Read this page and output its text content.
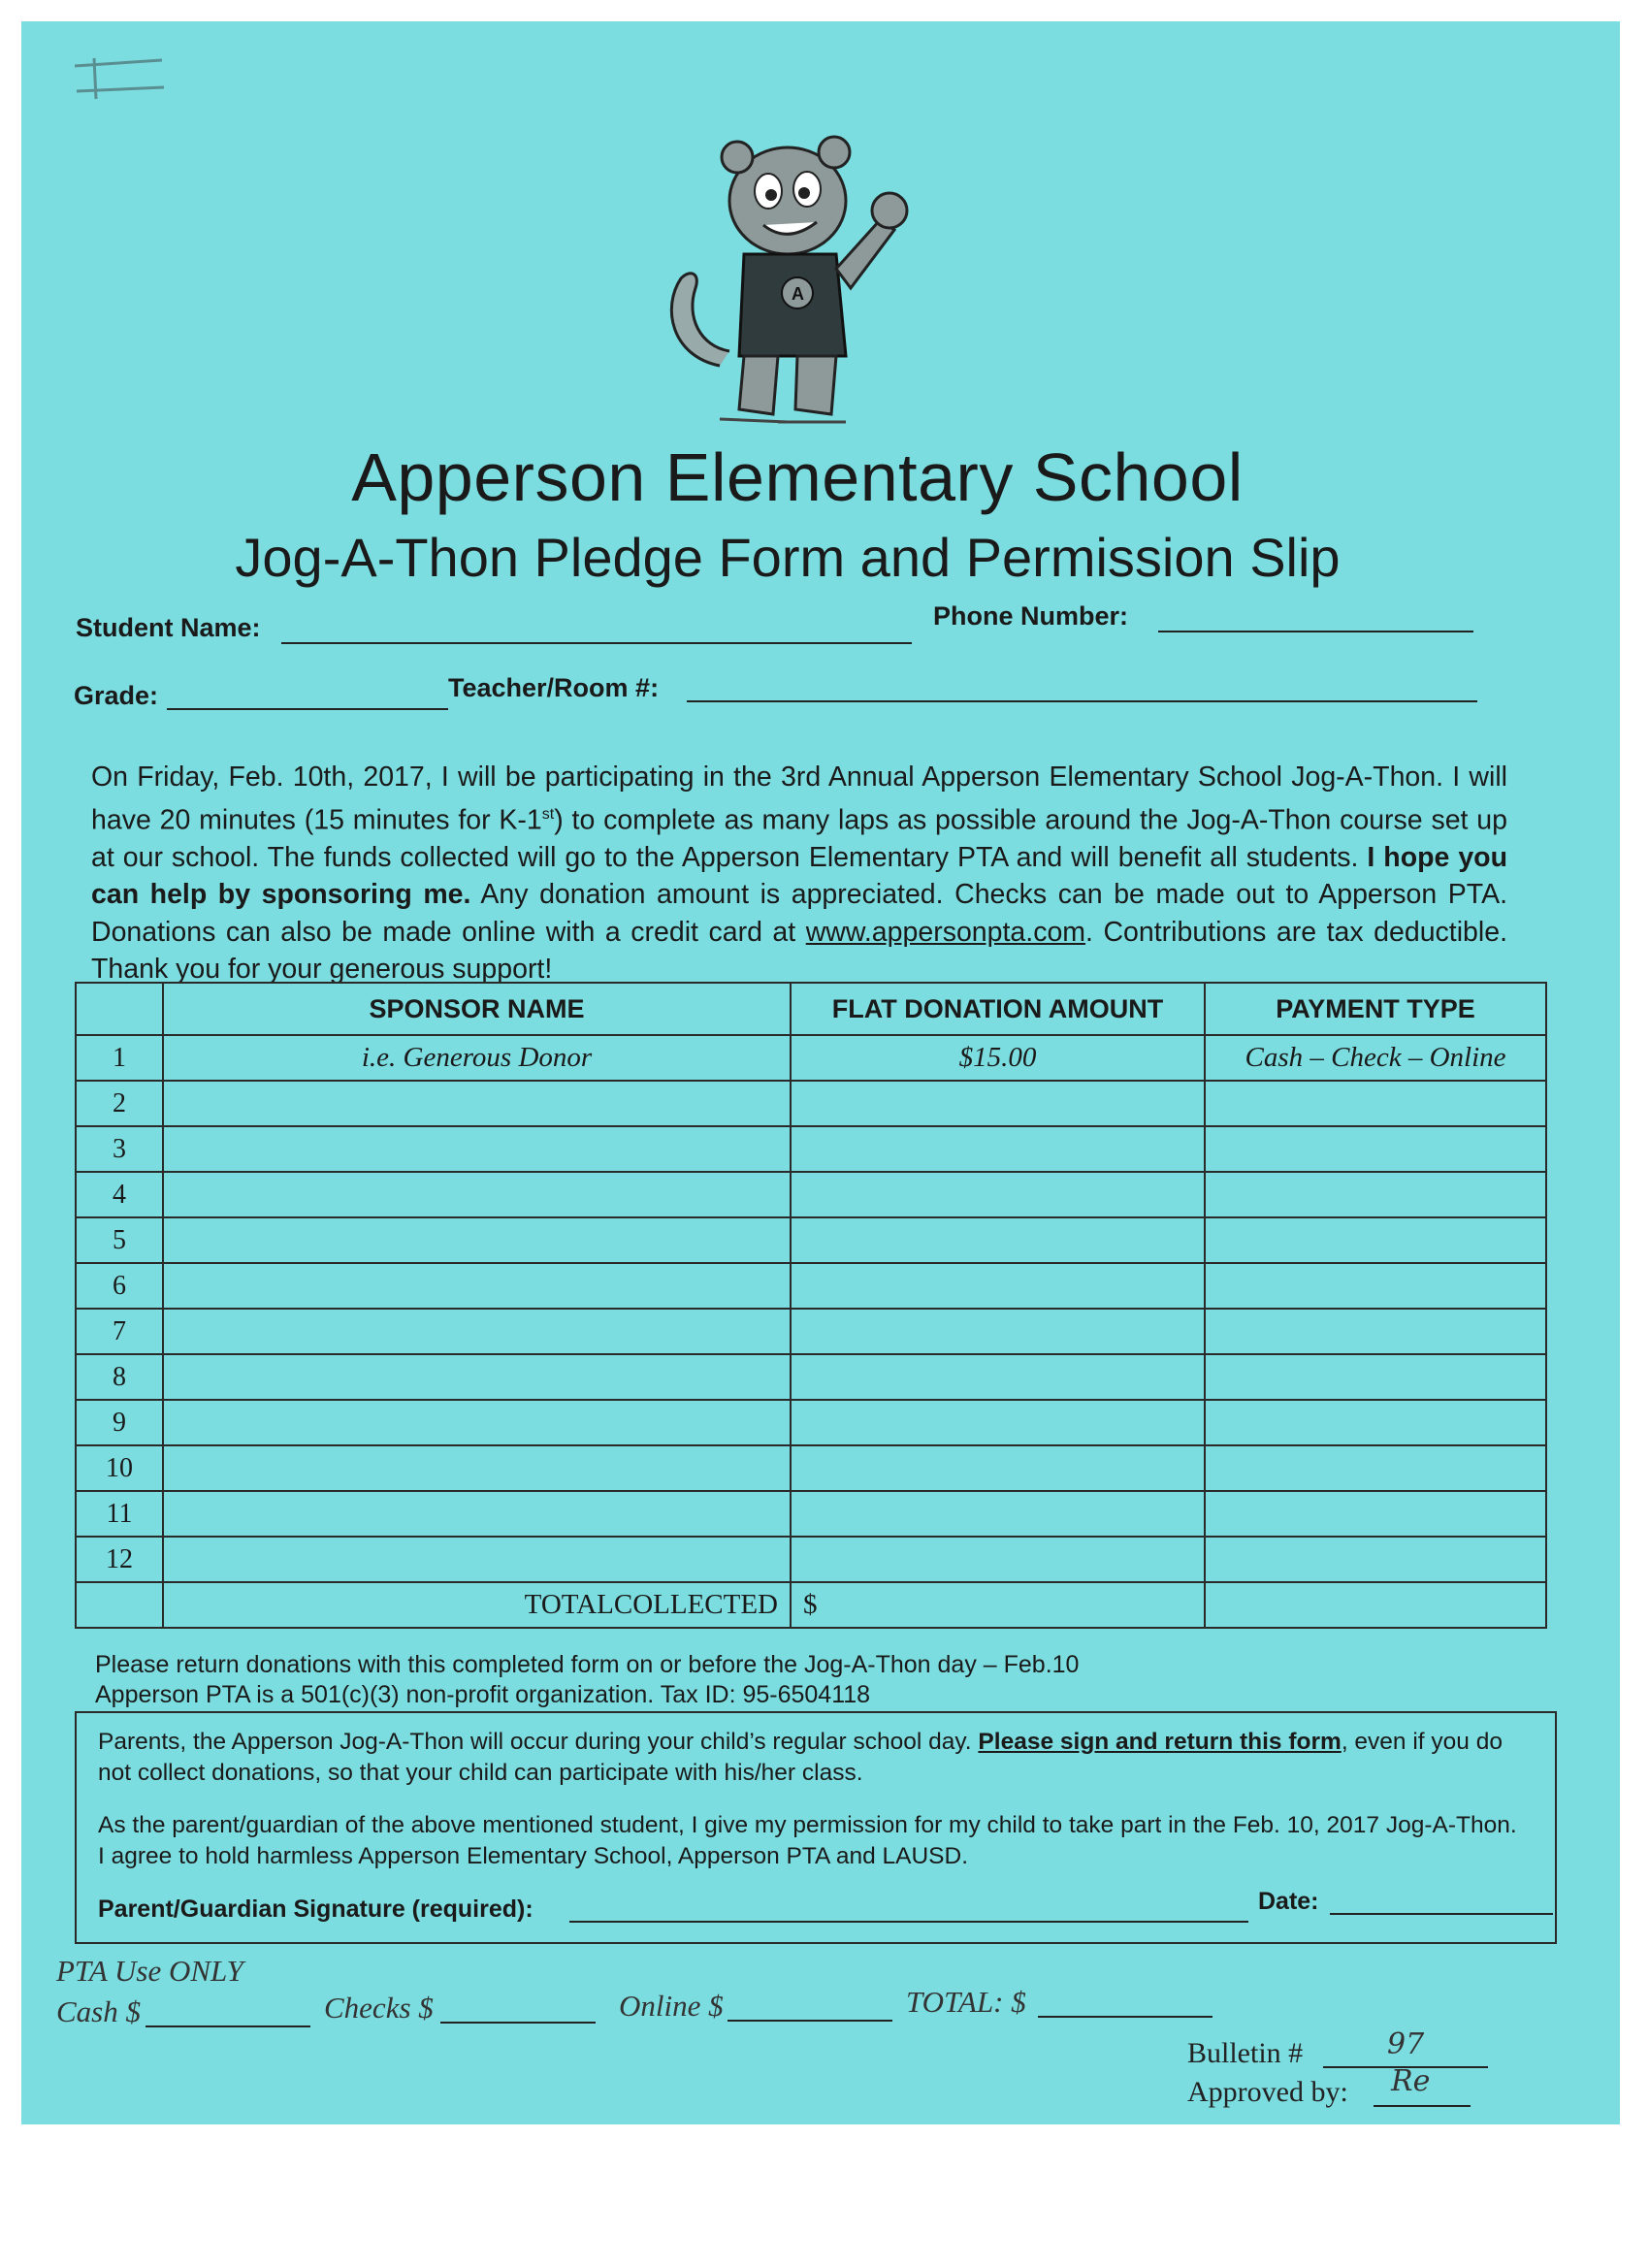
A
Apperson Elementary School
Jog-A-Thon Pledge Form and Permission Slip
Student Name:	Phone Number:
Grade:	Teacher/Room #:

On Friday, Feb. 10th, 2017, I will be participating in the 3rd Annual Apperson Elementary School Jog-A-Thon. I will have 20 minutes (15 minutes for K-1st) to complete as many laps as possible around the Jog-A-Thon course set up at our school. The funds collected will go to the Apperson Elementary PTA and will benefit all students. I hope you can help by sponsoring me. Any donation amount is appreciated. Checks can be made out to Apperson PTA. Donations can also be made online with a credit card at www.appersonpta.com. Contributions are tax deductible. Thank you for your generous support!

	SPONSOR NAME	FLAT DONATION AMOUNT	PAYMENT TYPE
1	i.e. Generous Donor	$15.00	Cash – Check – Online
2			
3			
4			
5			
6			
7			
8			
9			
10			
11			
12			
	TOTALCOLLECTED	$	
Please return donations with this completed form on or before the Jog-A-Thon day – Feb.10
Apperson PTA is a 501(c)(3) non-profit organization. Tax ID: 95-6504118

Parents, the Apperson Jog-A-Thon will occur during your child’s regular school day. Please sign and return this form, even if you do not collect donations, so that your child can participate with his/her class.

As the parent/guardian of the above mentioned student, I give my permission for my child to take part in the Feb. 10, 2017 Jog-A-Thon. I agree to hold harmless Apperson Elementary School, Apperson PTA and LAUSD.

Parent/Guardian Signature (required):	Date:
PTA Use ONLY
Cash $	Checks $	Online $	TOTAL: $
Bulletin #	97
Approved by: Re
